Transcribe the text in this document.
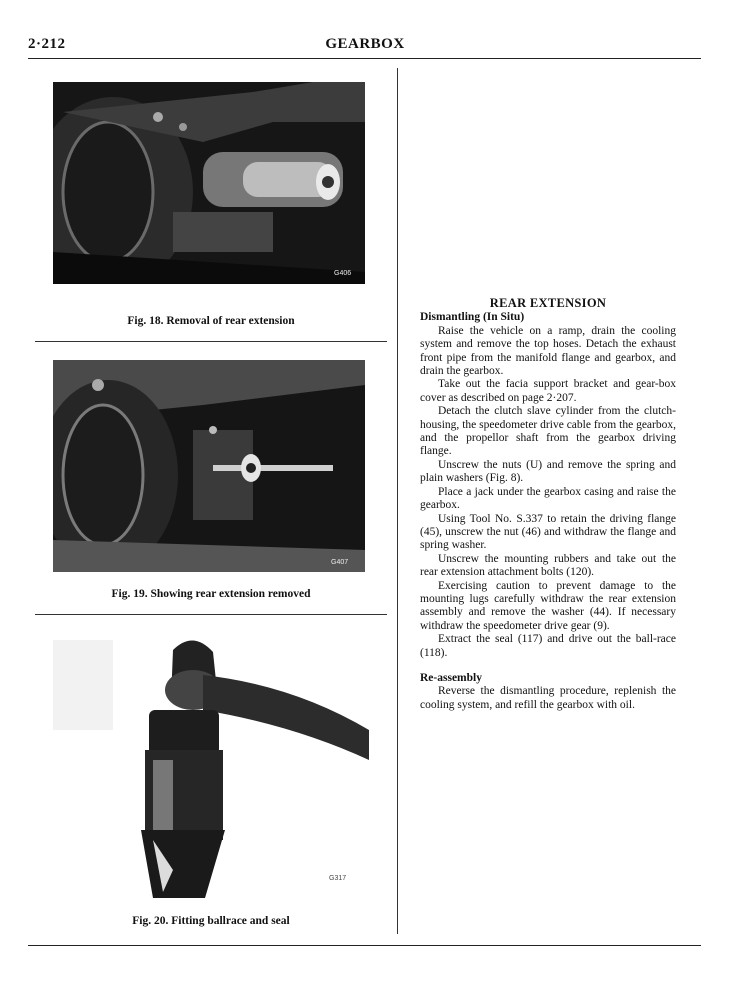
2·212	GEARBOX
G406
Fig. 18. Removal of rear extension
G407
Fig. 19. Showing rear extension removed
G317
Fig. 20. Fitting ballrace and seal
REAR EXTENSION
Dismantling (In Situ)

Raise the vehicle on a ramp, drain the cooling system and remove the top hoses. Detach the exhaust front pipe from the manifold flange and gearbox, and drain the gearbox.

Take out the facia support bracket and gear-box cover as described on page 2·207.

Detach the clutch slave cylinder from the clutch-housing, the speedometer drive cable from the gearbox, and the propellor shaft from the gearbox driving flange.

Unscrew the nuts (U) and remove the spring and plain washers (Fig. 8).

Place a jack under the gearbox casing and raise the gearbox.

Using Tool No. S.337 to retain the driving flange (45), unscrew the nut (46) and withdraw the flange and spring washer.

Unscrew the mounting rubbers and take out the rear extension attachment bolts (120).

Exercising caution to prevent damage to the mounting lugs carefully withdraw the rear extension assembly and remove the washer (44). If necessary withdraw the speedometer drive gear (9).

Extract the seal (117) and drive out the ball-race (118).

Re-assembly

Reverse the dismantling procedure, replenish the cooling system, and refill the gearbox with oil.
